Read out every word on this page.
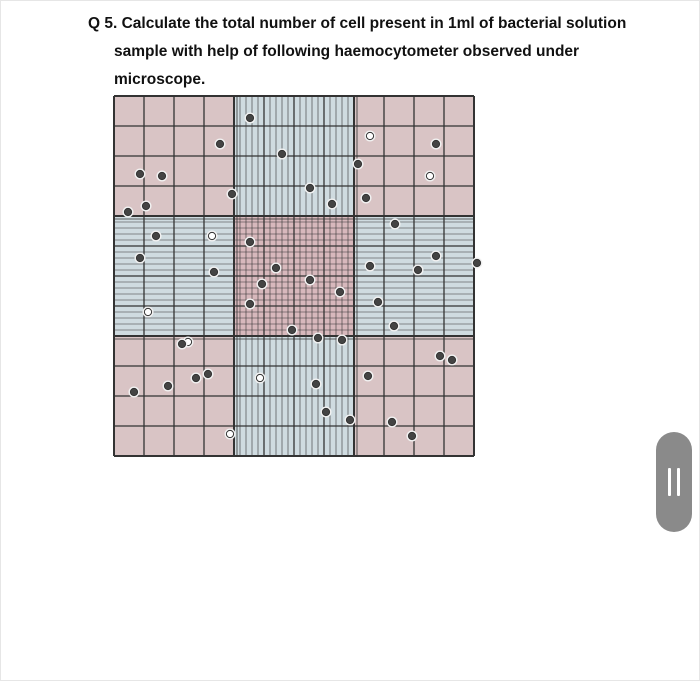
Q 5. Calculate the total number of cell present in 1ml of bacterial solution
sample with help of following haemocytometer observed under
microscope.
